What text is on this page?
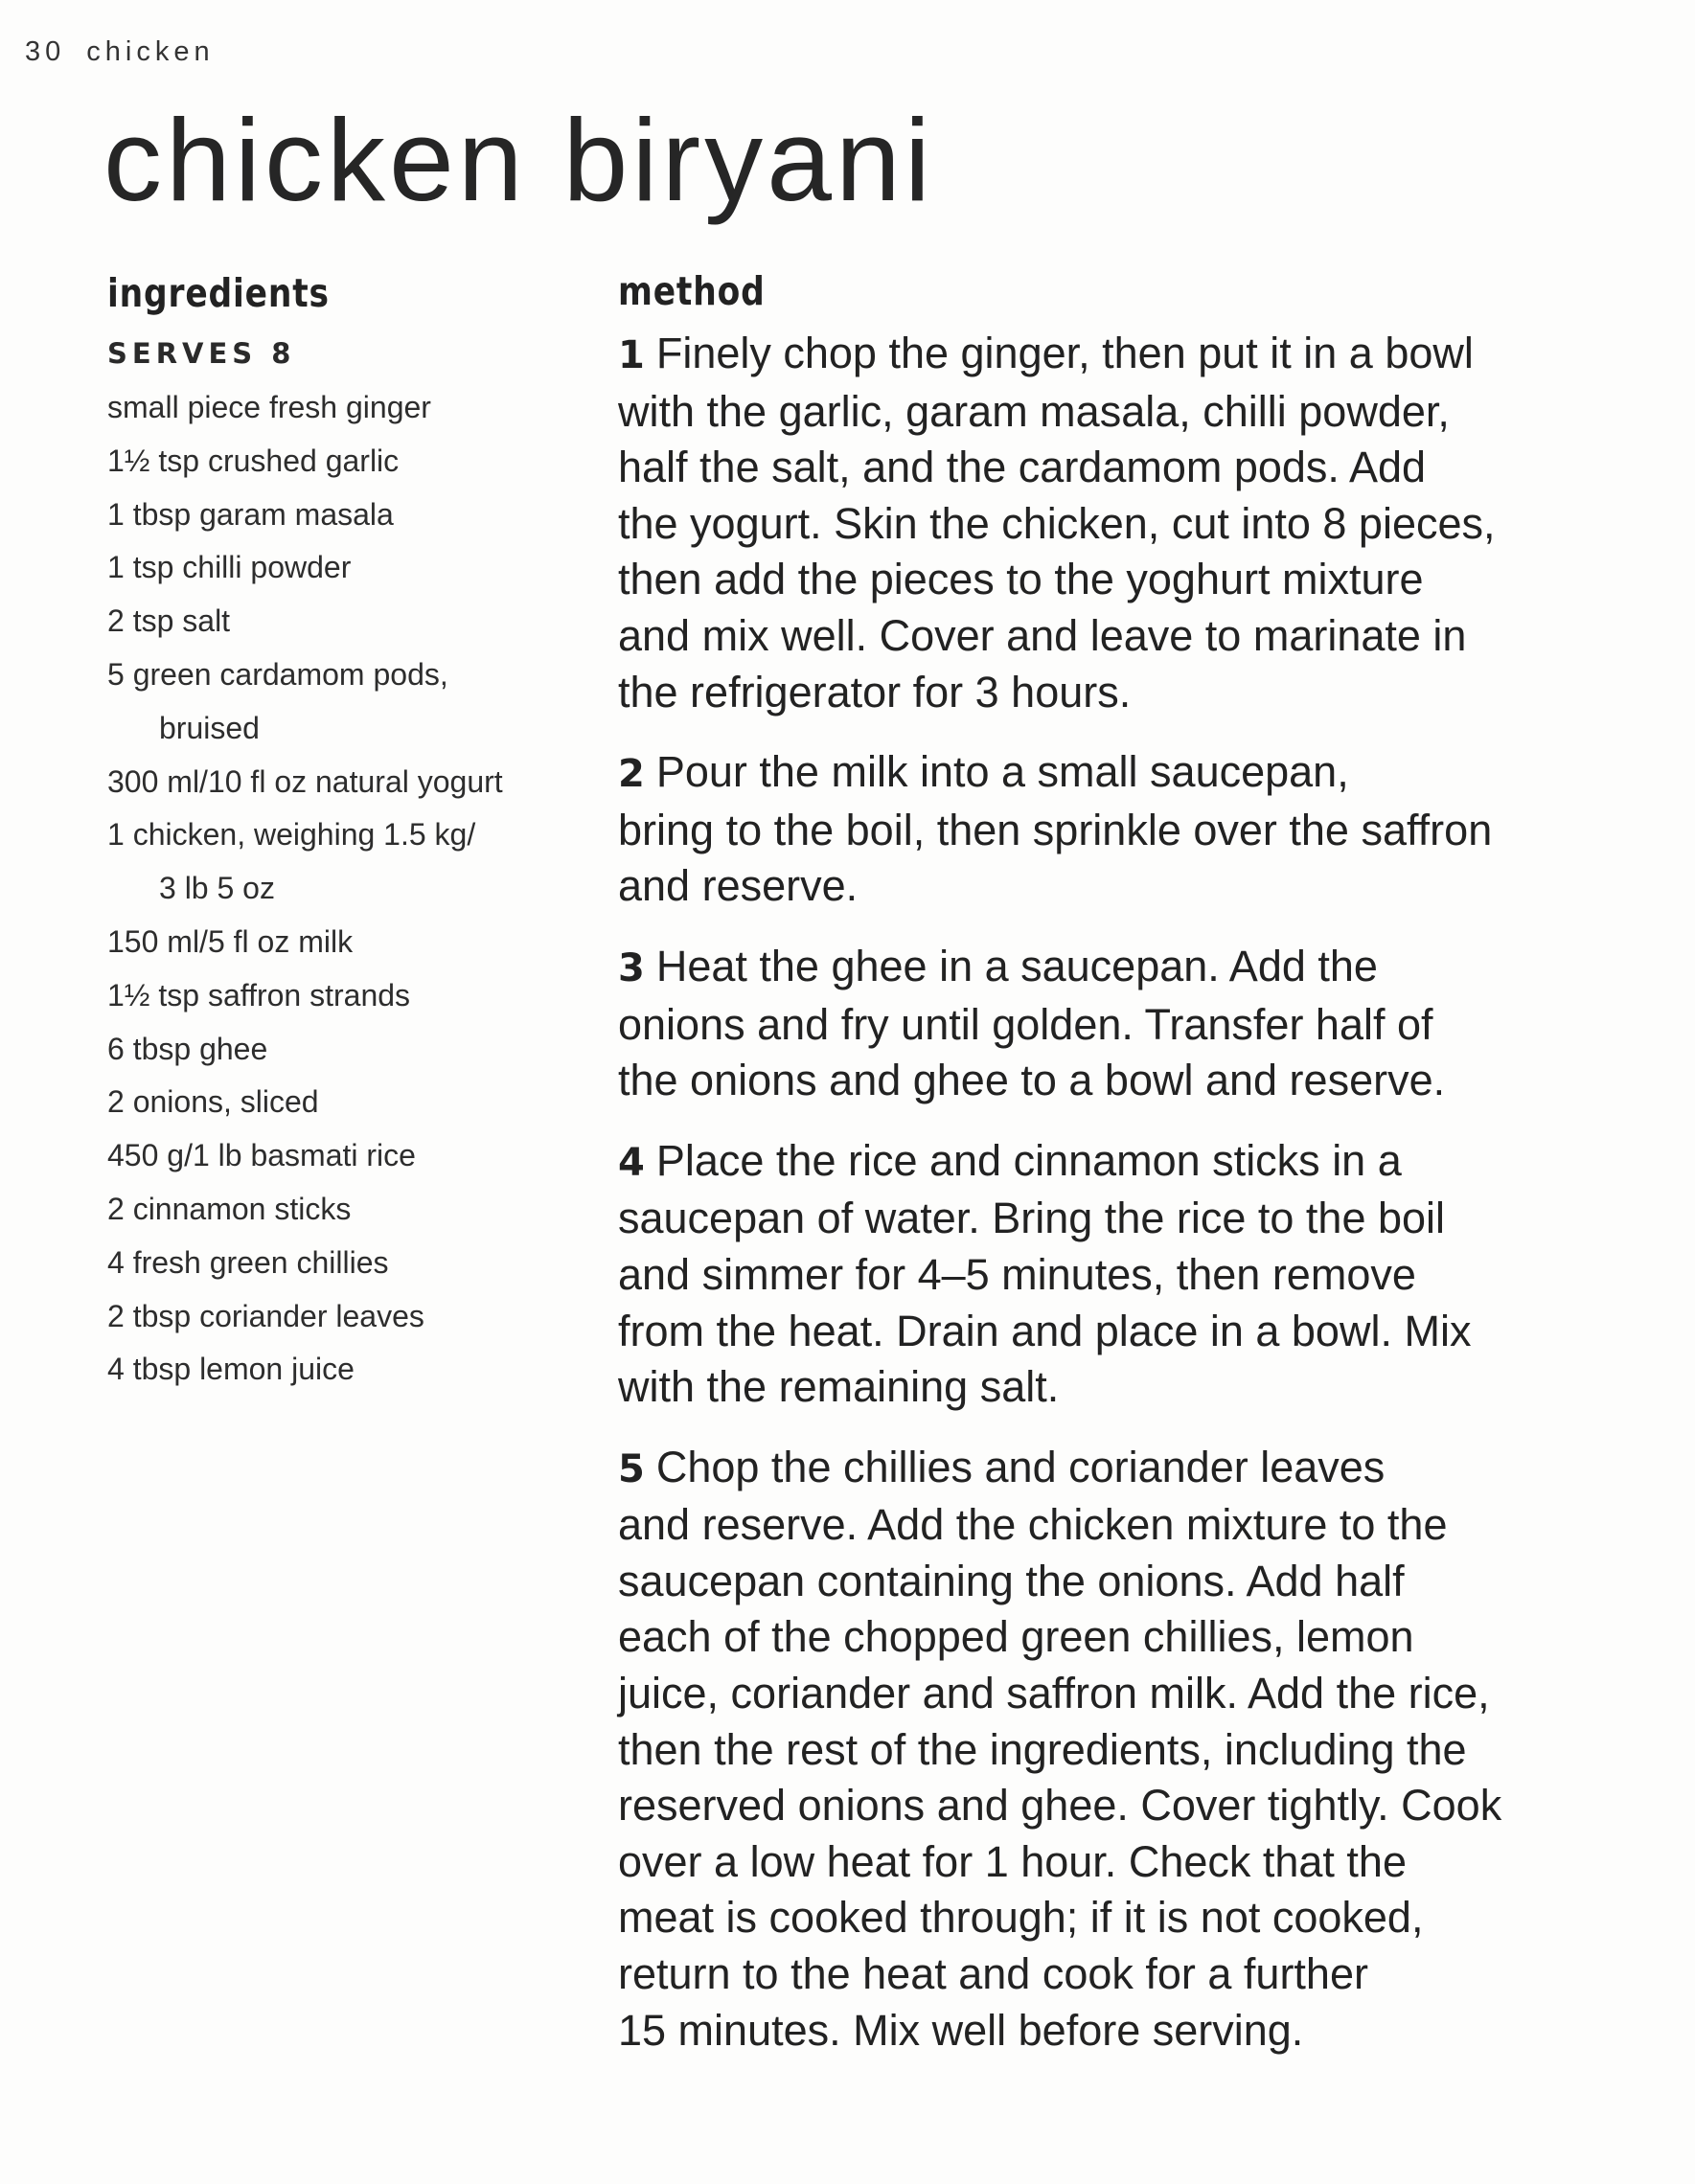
30 chicken
chicken biryani
ingredients
SERVES 8
small piece fresh ginger
1½ tsp crushed garlic
1 tbsp garam masala
1 tsp chilli powder
2 tsp salt
5 green cardamom pods,
bruised
300 ml/10 fl oz natural yogurt
1 chicken, weighing 1.5 kg/
3 lb 5 oz
150 ml/5 fl oz milk
1½ tsp saffron strands
6 tbsp ghee
2 onions, sliced
450 g/1 lb basmati rice
2 cinnamon sticks
4 fresh green chillies
2 tbsp coriander leaves
4 tbsp lemon juice
method
1 Finely chop the ginger, then put it in a bowl
with the garlic, garam masala, chilli powder,
half the salt, and the cardamom pods. Add
the yogurt. Skin the chicken, cut into 8 pieces,
then add the pieces to the yoghurt mixture
and mix well. Cover and leave to marinate in
the refrigerator for 3 hours.
2 Pour the milk into a small saucepan,
bring to the boil, then sprinkle over the saffron
and reserve.
3 Heat the ghee in a saucepan. Add the
onions and fry until golden. Transfer half of
the onions and ghee to a bowl and reserve.
4 Place the rice and cinnamon sticks in a
saucepan of water. Bring the rice to the boil
and simmer for 4–5 minutes, then remove
from the heat. Drain and place in a bowl. Mix
with the remaining salt.
5 Chop the chillies and coriander leaves
and reserve. Add the chicken mixture to the
saucepan containing the onions. Add half
each of the chopped green chillies, lemon
juice, coriander and saffron milk. Add the rice,
then the rest of the ingredients, including the
reserved onions and ghee. Cover tightly. Cook
over a low heat for 1 hour. Check that the
meat is cooked through; if it is not cooked,
return to the heat and cook for a further
15 minutes. Mix well before serving.
